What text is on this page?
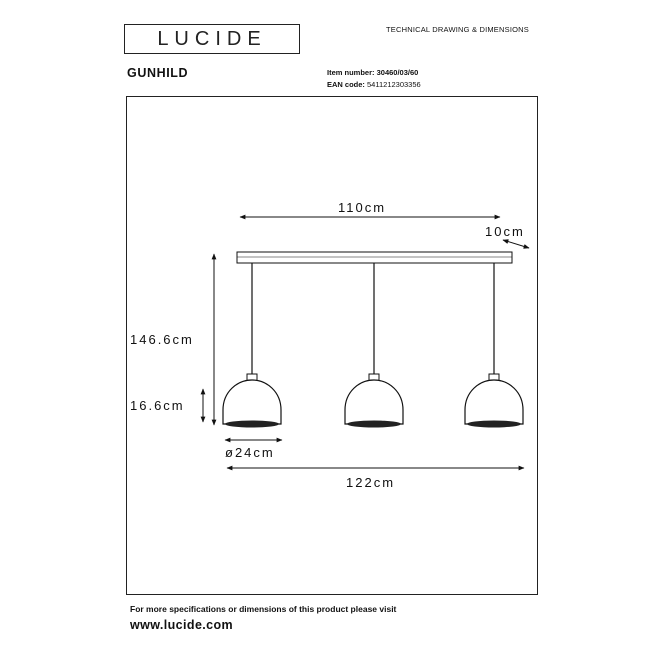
LUCIDE	TECHNICAL DRAWING & DIMENSIONS
GUNHILD	Item number: 30460/03/60
EAN code: 5411212303356
110cm
10cm
146.6cm
16.6cm
ø24cm
122cm
For more specifications or dimensions of this product please visit
www.lucide.com
